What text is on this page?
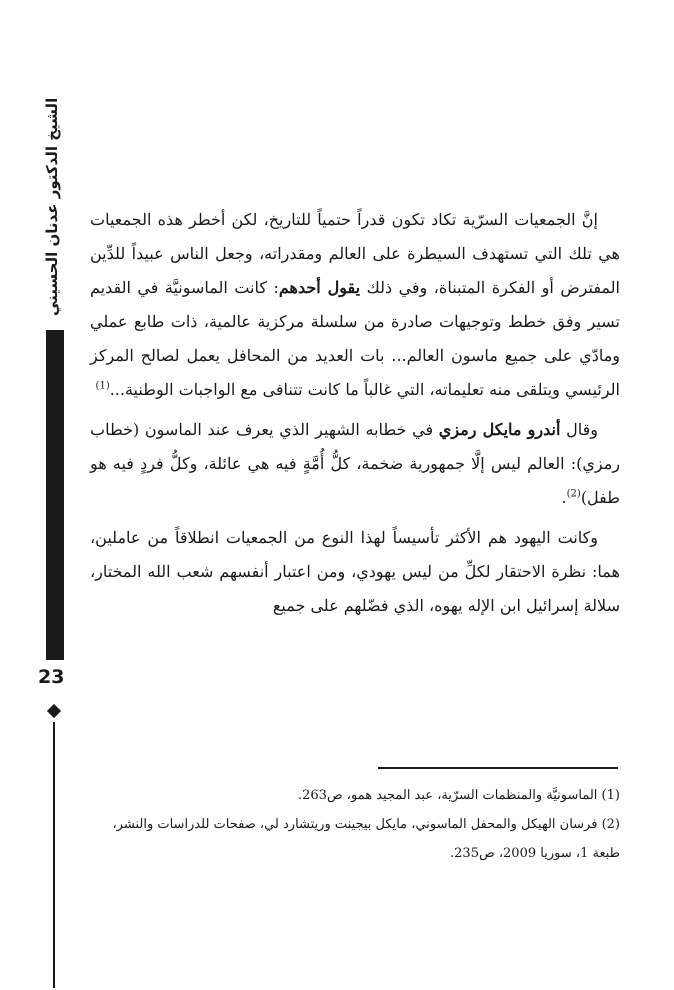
الشيخ الدكتور عدنان الحسيني
23

إنَّ الجمعيات السرّية تكاد تكون قدراً حتمياً للتاريخ، لكن أخطر هذه الجمعيات هي تلك التي تستهدف السيطرة على العالم ومقدراته، وجعل الناس عبيداً للدِّين المفترض أو الفكرة المتبناة، وفي ذلك يقول أحدهم: كانت الماسونيَّة في القديم تسير وفق خطط وتوجيهات صادرة من سلسلة مركزية عالمية، ذات طابع عملي ومادّي على جميع ماسون العالم... بات العديد من المحافل يعمل لصالح المركز الرئيسي ويتلقى منه تعليماته، التي غالباً ما كانت تتنافى مع الواجبات الوطنية...$^{(1)}$

وقال أندرو مايكل رمزي في خطابه الشهير الذي يعرف عند الماسون (خطاب رمزي): العالم ليس إلَّا جمهورية ضخمة، كلُّ أُمَّةٍ فيه هي عائلة، وكلُّ فردٍ فيه هو طفل)$^{(2)}$.

وكانت اليهود هم الأكثر تأسيساً لهذا النوع من الجمعيات انطلاقاً من عاملين، هما: نظرة الاحتقار لكلِّ من ليس يهودي، ومن اعتبار أنفسهم شعب الله المختار، سلالة إسرائيل ابن الإله يهوه، الذي فضّلهم على جميع

(1) الماسونيَّة والمنظمات السرّية، عبد المجيد همو، ص263.

(2) فرسان الهيكل والمحفل الماسوني، مايكل بيجينت وريتشارد لي، صفحات للدراسات والنشر، طبعة 1، سوريا 2009، ص235.
